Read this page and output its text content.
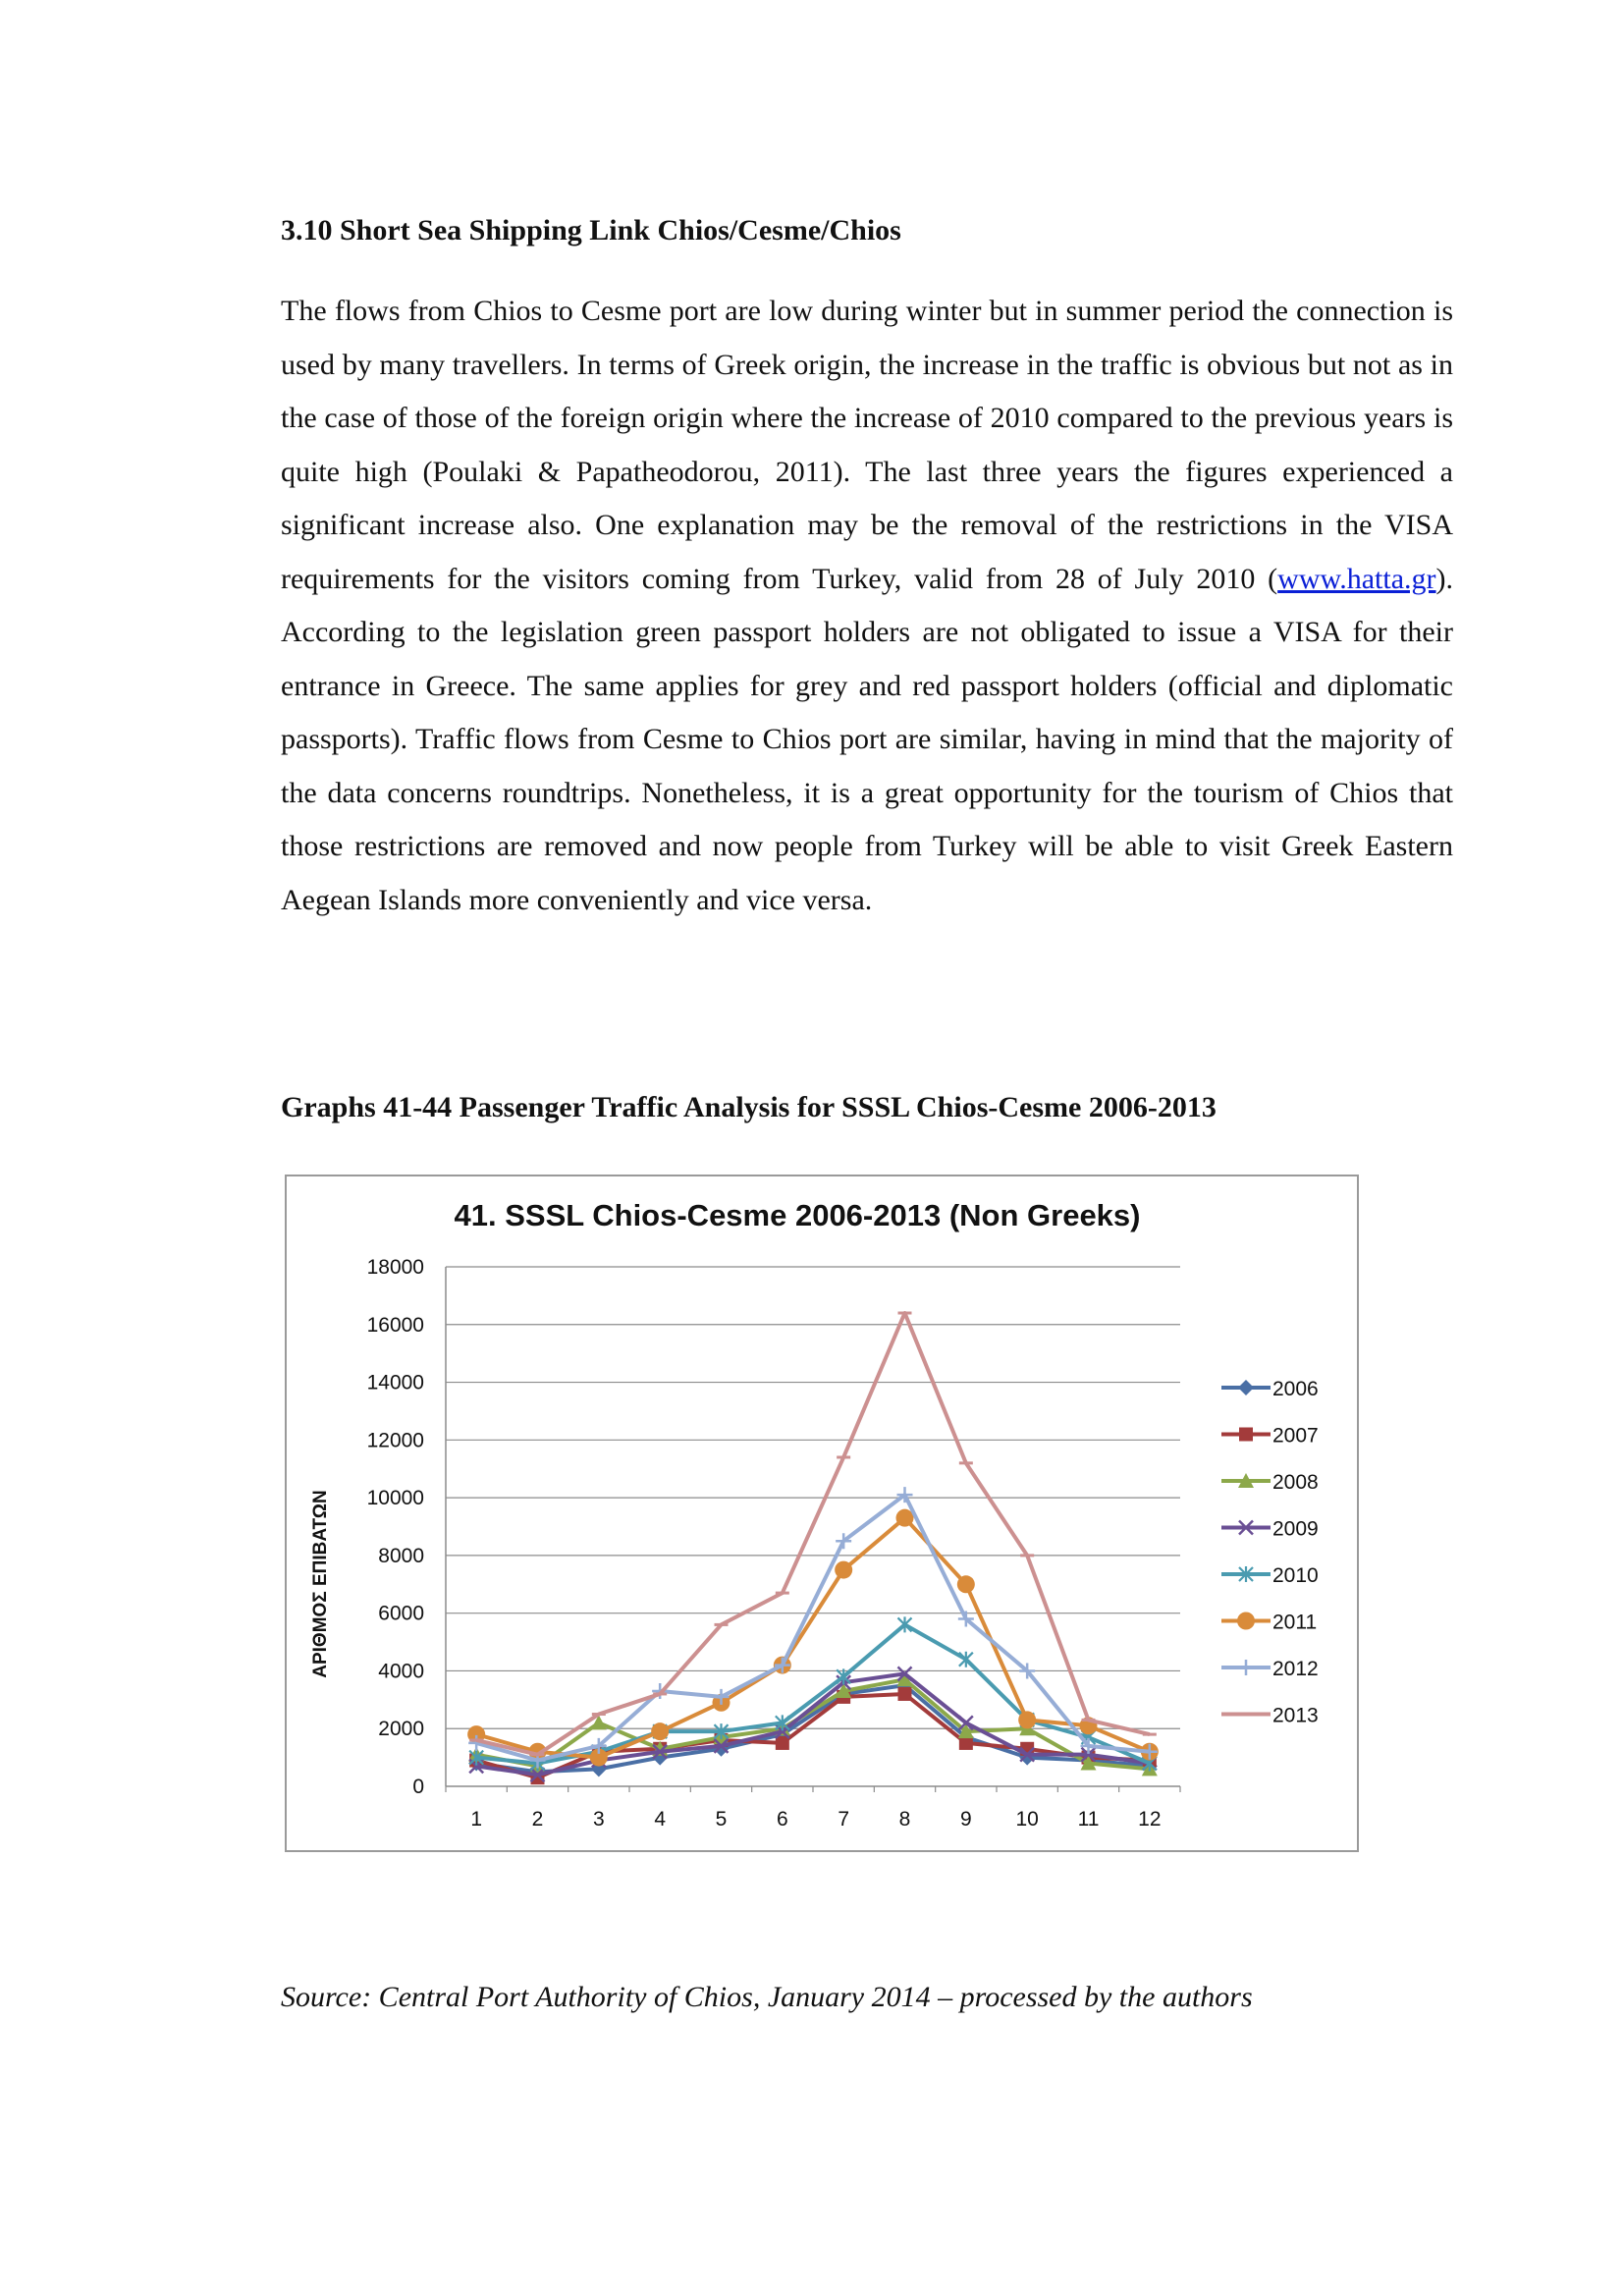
3.10 Short Sea Shipping Link Chios/Cesme/Chios

The flows from Chios to Cesme port are low during winter but in summer period the connection is used by many travellers. In terms of Greek origin, the increase in the traffic is obvious but not as in the case of those of the foreign origin where the increase of 2010 compared to the previous years is quite high (Poulaki & Papatheodorou, 2011). The last three years the figures experienced a significant increase also. One explanation may be the removal of the restrictions in the VISA requirements for the visitors coming from Turkey, valid from 28 of July 2010 (www.hatta.gr). According to the legislation green passport holders are not obligated to issue a VISA for their entrance in Greece. The same applies for grey and red passport holders (official and diplomatic passports). Traffic flows from Cesme to Chios port are similar, having in mind that the majority of the data concerns roundtrips. Nonetheless, it is a great opportunity for the tourism of Chios that those restrictions are removed and now people from Turkey will be able to visit Greek Eastern Aegean Islands more conveniently and vice versa.

Graphs 41-44 Passenger Traffic Analysis for SSSL Chios-Cesme 2006-2013
41. SSSL Chios-Cesme 2006-2013 (Non Greeks)
ΑΡΙΘΜΟΣ ΕΠΙΒΑΤΩΝ
0
2000
4000
6000
8000
10000
12000
14000
16000
18000
1 2 3 4 5 6 7 8 9 10 11 12
2006
2007
2008
2009
2010
2011
2012
2013

Source: Central Port Authority of Chios, January 2014 – processed by the authors
